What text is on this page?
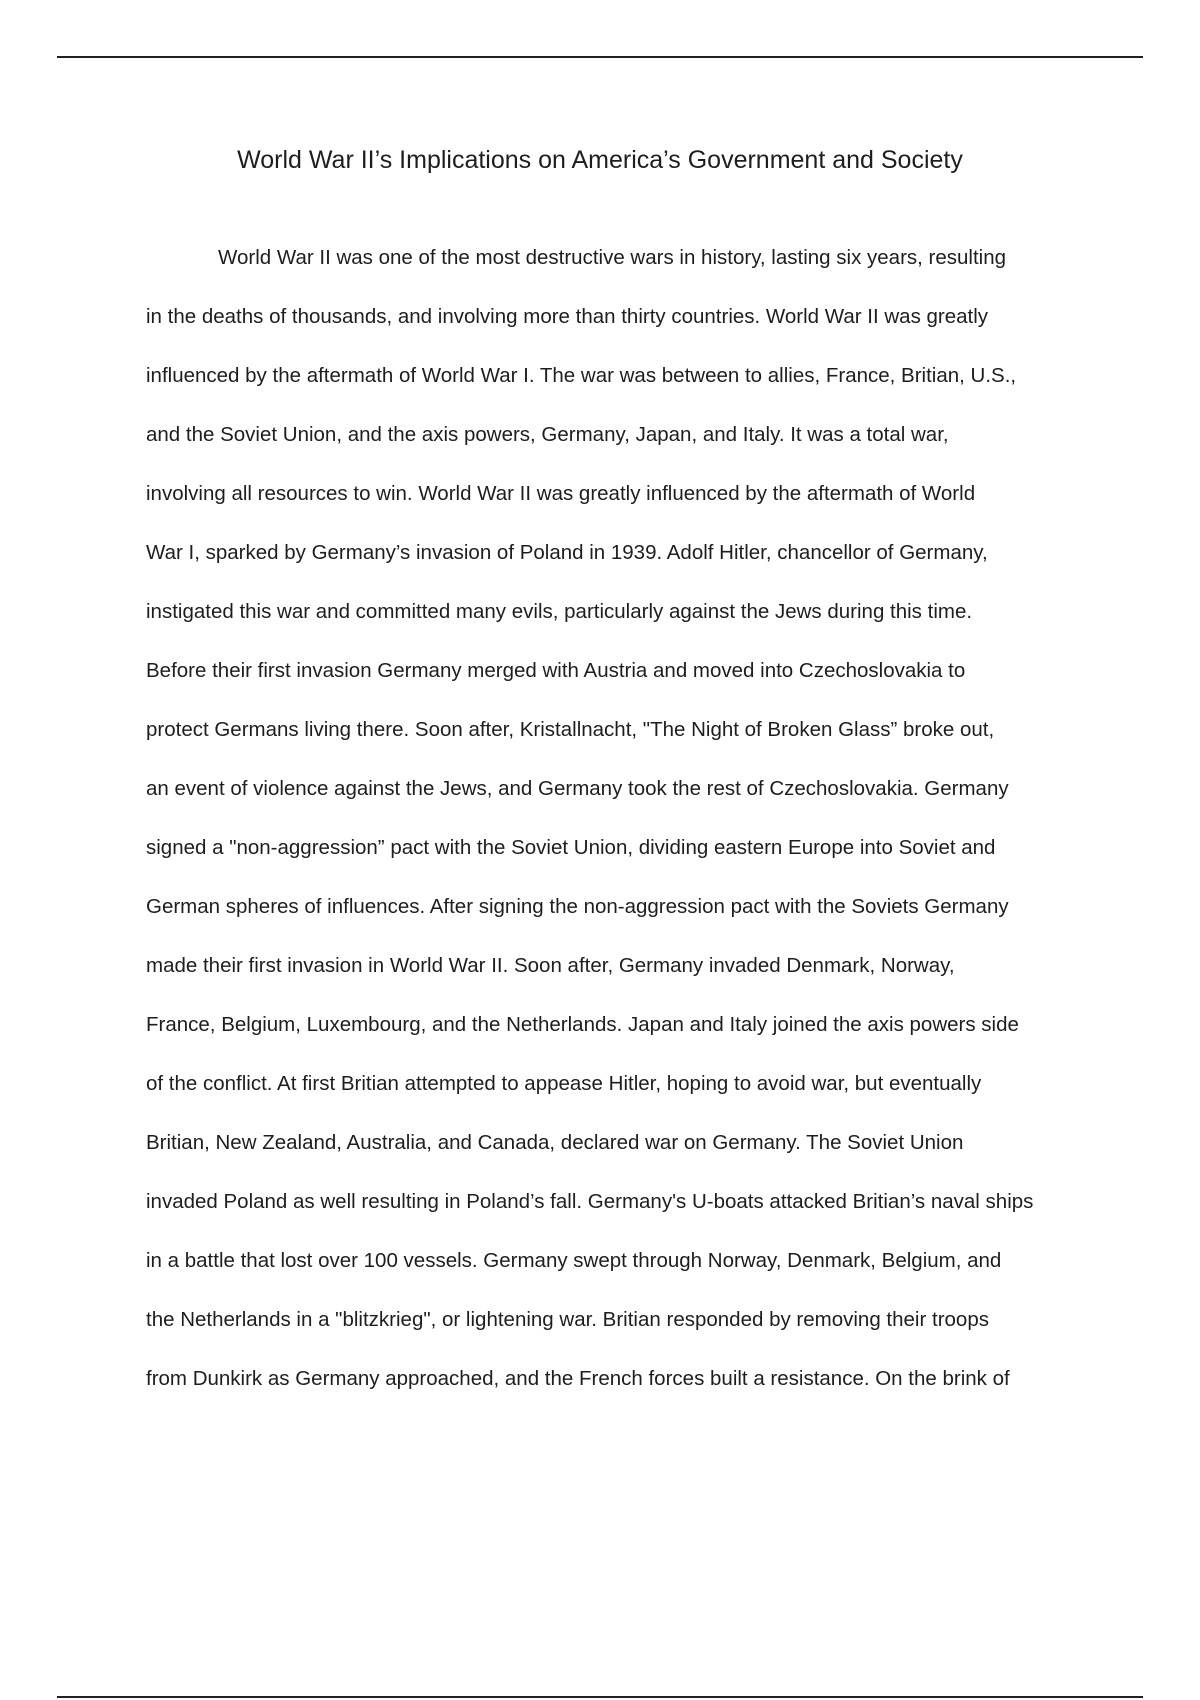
World War II’s Implications on America’s Government and Society
World War II was one of the most destructive wars in history, lasting six years, resulting
in the deaths of thousands, and involving more than thirty countries. World War II was greatly
influenced by the aftermath of World War I. The war was between to allies, France, Britian, U.S.,
and the Soviet Union, and the axis powers, Germany, Japan, and Italy. It was a total war,
involving all resources to win. World War II was greatly influenced by the aftermath of World
War I, sparked by Germany’s invasion of Poland in 1939. Adolf Hitler, chancellor of Germany,
instigated this war and committed many evils, particularly against the Jews during this time.
Before their first invasion Germany merged with Austria and moved into Czechoslovakia to
protect Germans living there. Soon after, Kristallnacht, "The Night of Broken Glass” broke out,
an event of violence against the Jews, and Germany took the rest of Czechoslovakia. Germany
signed a "non-aggression” pact with the Soviet Union, dividing eastern Europe into Soviet and
German spheres of influences. After signing the non-aggression pact with the Soviets Germany
made their first invasion in World War II. Soon after, Germany invaded Denmark, Norway,
France, Belgium, Luxembourg, and the Netherlands. Japan and Italy joined the axis powers side
of the conflict. At first Britian attempted to appease Hitler, hoping to avoid war, but eventually
Britian, New Zealand, Australia, and Canada, declared war on Germany. The Soviet Union
invaded Poland as well resulting in Poland’s fall. Germany's U-boats attacked Britian’s naval ships
in a battle that lost over 100 vessels. Germany swept through Norway, Denmark, Belgium, and
the Netherlands in a "blitzkrieg", or lightening war. Britian responded by removing their troops
from Dunkirk as Germany approached, and the French forces built a resistance. On the brink of
